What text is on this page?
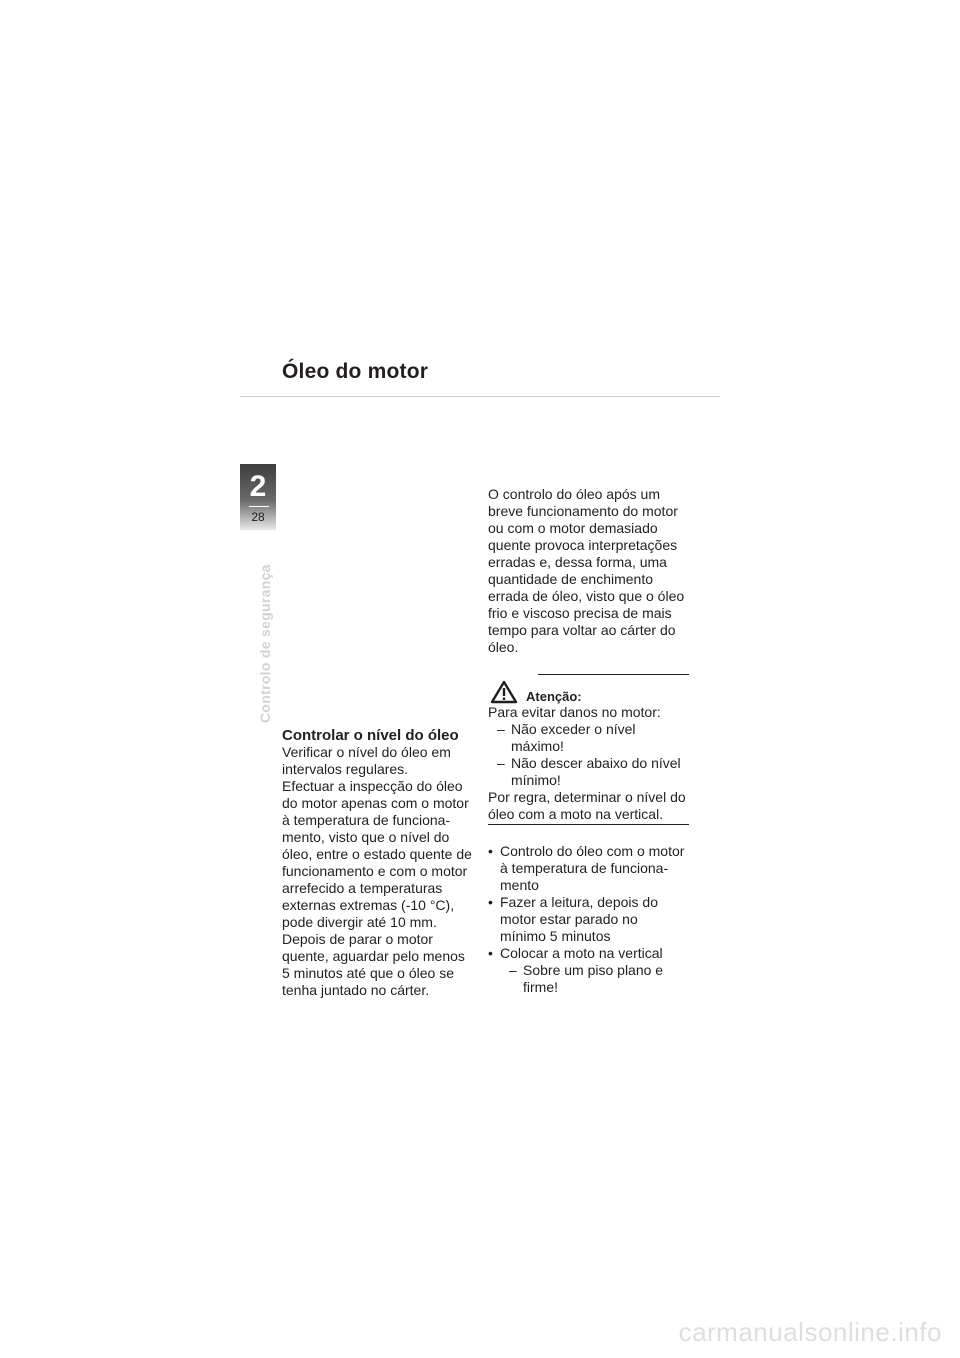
Óleo do motor
2
28
Controlo de segurança
Controlar o nível do óleo
Verificar o nível do óleo em
intervalos regulares.
Efectuar a inspecção do óleo
do motor apenas com o motor
à temperatura de funciona-
mento, visto que o nível do
óleo, entre o estado quente de
funcionamento e com o motor
arrefecido a temperaturas
externas extremas (-10 °C),
pode divergir até 10 mm.
Depois de parar o motor
quente, aguardar pelo menos
5 minutos até que o óleo se
tenha juntado no cárter.
O controlo do óleo após um
breve funcionamento do motor
ou com o motor demasiado
quente provoca interpretações
erradas e, dessa forma, uma
quantidade de enchimento
errada de óleo, visto que o óleo
frio e viscoso precisa de mais
tempo para voltar ao cárter do
óleo.
Atenção:
Para evitar danos no motor:
– Não exceder o nível
máximo!
– Não descer abaixo do nível
mínimo!
Por regra, determinar o nível do
óleo com a moto na vertical.
• Controlo do óleo com o motor
à temperatura de funciona-
mento
• Fazer a leitura, depois do
motor estar parado no
mínimo 5 minutos
• Colocar a moto na vertical
– Sobre um piso plano e
firme!
carmanualsonline.info
